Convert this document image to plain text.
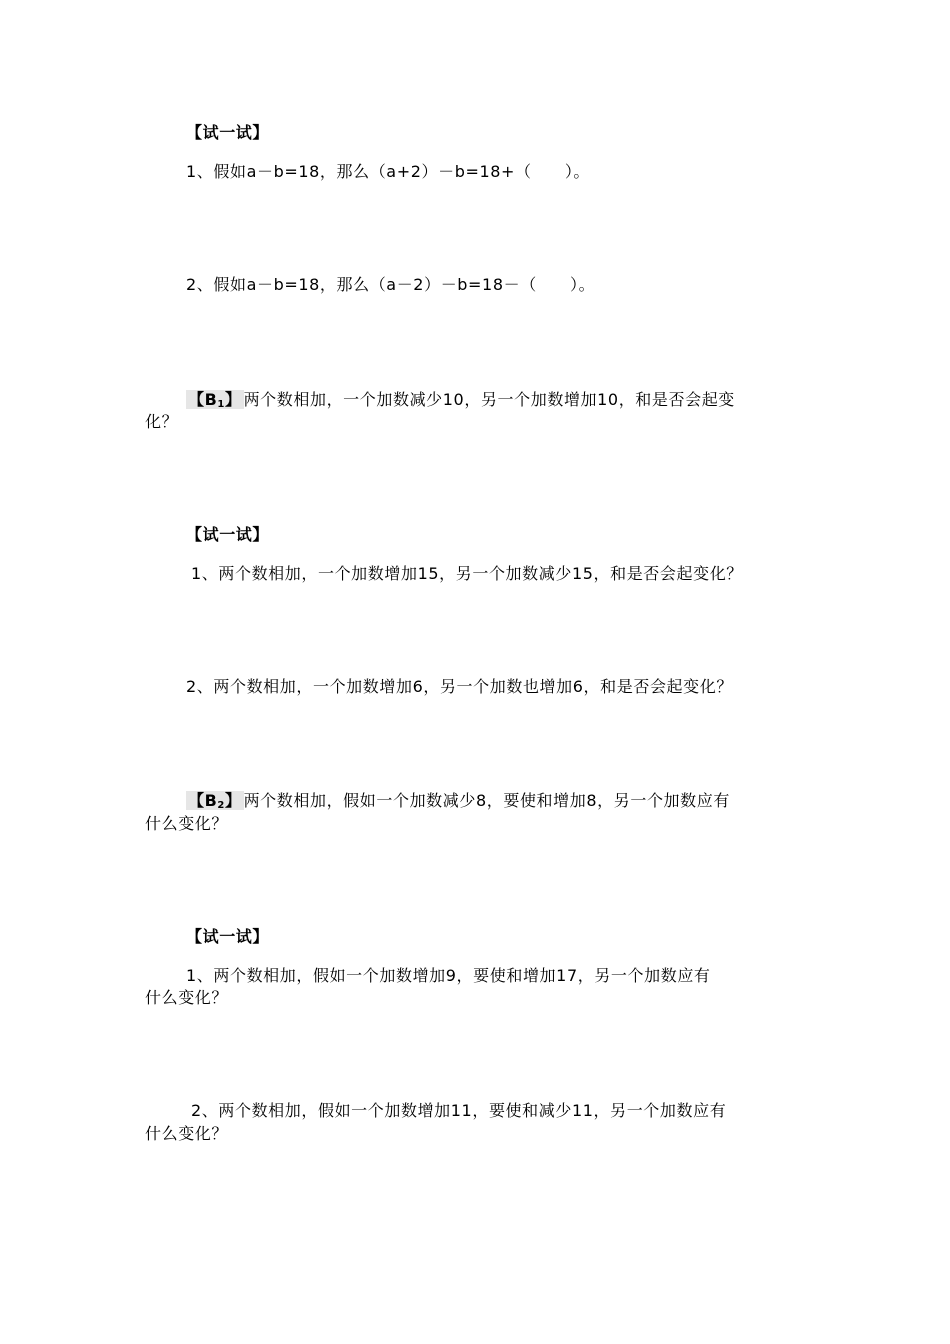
【试一试】
1、假如a－b=18，那么（a+2）－b=18+（　　）。
2、假如a－b=18，那么（a－2）－b=18－（　　）。
【$B_1$】 两个数相加，一个加数减少10，另一个加数增加10，和是否会起变
化？
【试一试】
1、两个数相加，一个加数增加15，另一个加数减少15，和是否会起变化？
2、两个数相加，一个加数增加6，另一个加数也增加6，和是否会起变化？
【$B_2$】 两个数相加，假如一个加数减少8，要使和增加8，另一个加数应有
什么变化？
【试一试】
1、两个数相加，假如一个加数增加9，要使和增加17，另一个加数应有
什么变化？
2、两个数相加，假如一个加数增加11，要使和减少11，另一个加数应有
什么变化？
